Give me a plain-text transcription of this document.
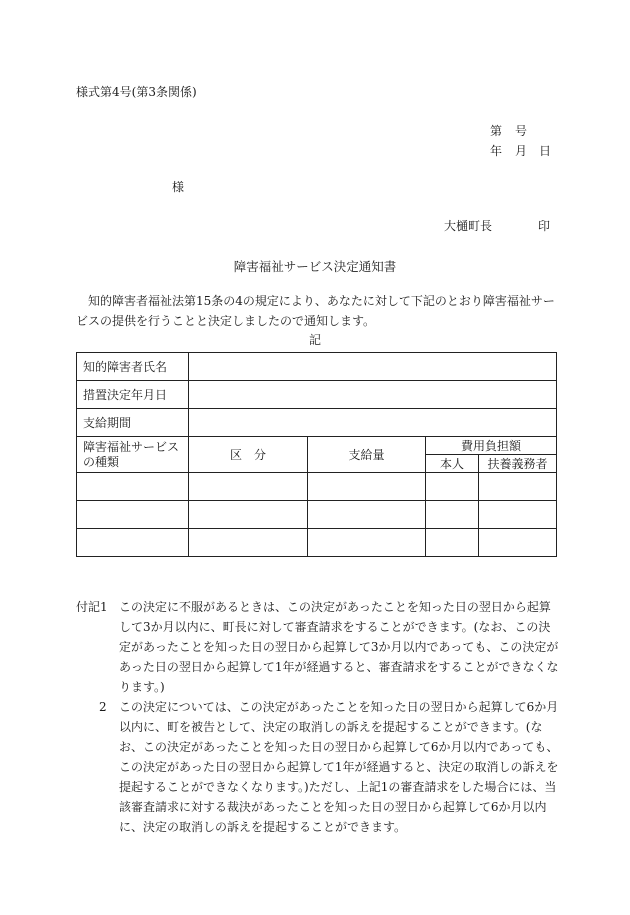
様式第4号(第3条関係)
第 号
年 月 日
様
大樋町長	印
障害福祉サービス決定通知書
知的障害者福祉法第15条の4の規定により、あなたに対して下記のとおり障害福祉サービスの提供を行うことと決定しましたので通知します。
記
知的障害者氏名				
措置決定年月日				
支給期間				

障害福祉サービス
の種類	区　分	支給量	費用負担額	
			本人	扶養義務者

付記1 この決定に不服があるときは、この決定があったことを知った日の翌日から起算して3か月以内に、町長に対して審査請求をすることができます。(なお、この決定があったことを知った日の翌日から起算して3か月以内であっても、この決定があった日の翌日から起算して1年が経過すると、審査請求をすることができなくなります。)

2 この決定については、この決定があったことを知った日の翌日から起算して6か月以内に、町を被告として、決定の取消しの訴えを提起することができます。(なお、この決定があったことを知った日の翌日から起算して6か月以内であっても、この決定があった日の翌日から起算して1年が経過すると、決定の取消しの訴えを提起することができなくなります。)ただし、上記1の審査請求をした場合には、当該審査請求に対する裁決があったことを知った日の翌日から起算して6か月以内に、決定の取消しの訴えを提起することができます。
